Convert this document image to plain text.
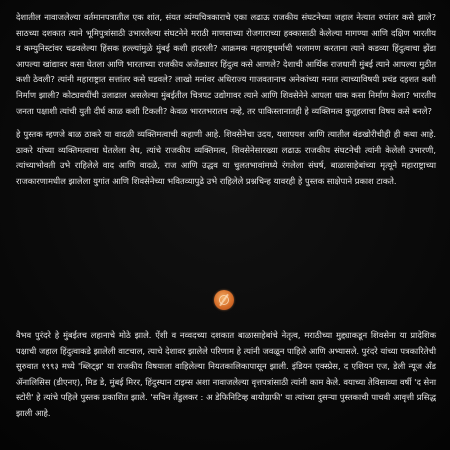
देशातील नावाजलेल्या वर्तमानपत्रातील एक शांत, संयत व्यंग्यचित्रकाराचे एका लढाऊ राजकीय संघटनेच्या जहाल नेत्यात रुपांतर कसे झाले? साठच्या दशकात त्याने भूमिपुत्रांसाठी उभारलेल्या संघटनेने मराठी माणसाच्या रोजगाराच्या हक्कासाठी केलेल्या मागण्या आणि दक्षिण भारतीय व कम्युनिस्टांवर चढवलेल्या हिंसक हल्ल्यांमुळे मुंबई कशी हादरली? आक्रमक महाराष्ट्रधर्माची भलामण करताना त्याने कडव्या हिंदुत्वाचा झेंडा आपल्या खांद्यावर कसा घेतला आणि भारताच्या राजकीय अजेंड्यावर हिंदुत्व कसे आणले? देशाची आर्थिक राजधानी मुंबई त्याने आपल्या मुठीत कशी ठेवली? त्यांनी महाराष्ट्रात सत्तांतर कसे घडवले? लाखो मनांवर अधिराज्य गाजवतानाच अनेकांच्या मनात त्याच्याविषयी प्रचंड दहशत कशी निर्माण झाली? कोट्यवधींची उलाढाल असलेल्या मुंबईतील चित्रपट उद्योगावर त्याने आणि शिवसेनेने आपला धाक कसा निर्माण केला? भारतीय जनता पक्षाशी त्यांची युती दीर्घ काळ कशी टिकली? केवळ भारतभरातच नव्हे, तर पाकिस्तानातही हे व्यक्तिमत्व कुतूहलाचा विषय कसे बनले?

हे पुस्तक म्हणजे बाळ ठाकरे या वादळी व्यक्तिमत्वाची कहाणी आहे. शिवसेनेचा उदय, यशापयश आणि त्यातील बंडखोरीचीही ही कथा आहे. ठाकरे यांच्या व्यक्तिमत्वाचा घेतलेला वेध, त्यांचे राजकीय व्यक्तिमत्व, शिवसेनेसारख्या लढाऊ राजकीय संघटनेची त्यांनी केलेली उभारणी, त्यांच्याभोवती उभे राहिलेले वाद आणि वादळे, राज आणि उद्धव या चुलतभावांमध्ये रंगलेला संघर्ष, बाळासाहेबांच्या मृत्यूने महाराष्ट्राच्या राजकारणामधील झालेला युगांत आणि शिवसेनेच्या भवितव्यापुढे उभे राहिलेले प्रश्नचिन्ह यावरही हे पुस्तक साक्षेपाने प्रकाश टाकते.

वैभव पुरंदरे हे मुंबईतच लहानाचे मोठे झाले. ऐंशी व नव्वदच्या दशकात बाळासाहेबांचे नेतृत्व, मराठीच्या मुद्द्याकडून शिवसेना या प्रादेशिक पक्षाची जहाल हिंदुत्वाकडे झालेली वाटचाल, त्याचे देशावर झालेले परिणाम हे त्यांनी जवळून पाहिले आणि अभ्यासले. पुरंदरे यांच्या पत्रकारितेची सुरुवात १९९३ मध्ये 'ब्लिट्झ' या राजकीय विषयाला वाहिलेल्या नियतकालिकापासून झाली. इंडियन एक्स्प्रेस, द एशियन एज, डेली न्यूज अँड ॲनालिसिस (डीएनए), मिड डे, मुंबई मिरर, हिंदुस्थान टाइम्स अशा नावाजलेल्या वृत्तपत्रांसाठी त्यांनी काम केले. वयाच्या तेविसाव्या वर्षी 'द सेना स्टोरी' हे त्यांचे पहिले पुस्तक प्रकाशित झाले. 'सचिन तेंडुलकर : अ डेफिनिटिव्ह बायोग्राफी' या त्यांच्या दुसऱ्या पुस्तकाची पाचवी आवृत्ती प्रसिद्ध झाली आहे.
